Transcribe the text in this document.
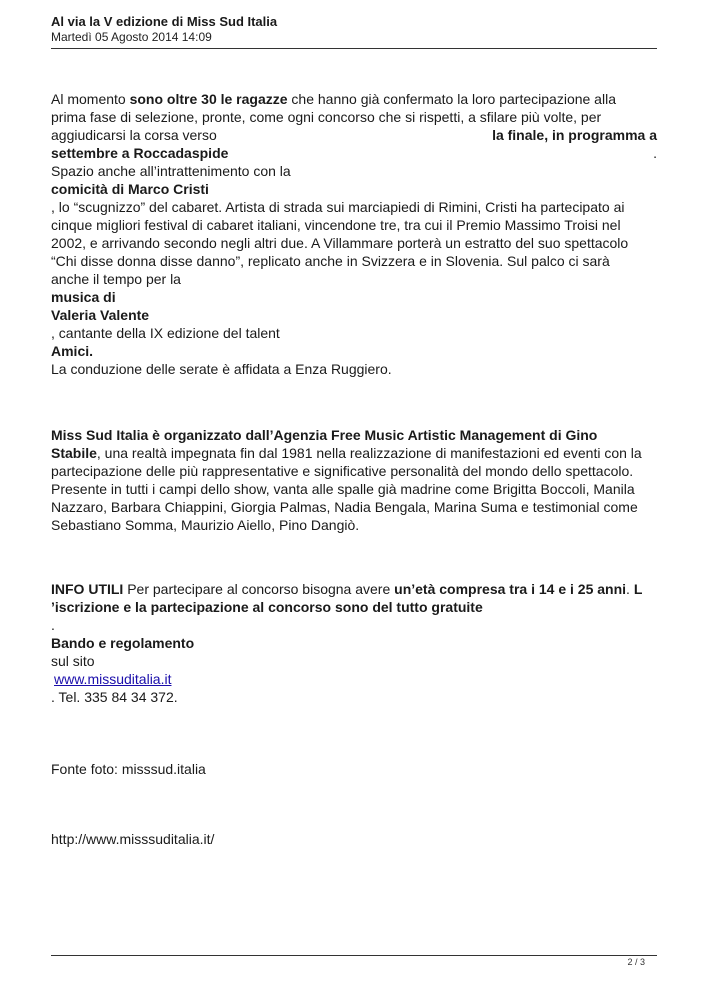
Al via la V edizione di Miss Sud Italia
Martedì 05 Agosto 2014 14:09
Al momento sono oltre 30 le ragazze che hanno già confermato la loro partecipazione alla
prima fase di selezione, pronte, come ogni concorso che si rispetti, a sfilare più volte, per
aggiudicarsi la corsa verso	la finale, in programma a
settembre a Roccadaspide	.
Spazio anche all’intrattenimento con la
comicità di Marco Cristi
, lo “scugnizzo” del cabaret. Artista di strada sui marciapiedi di Rimini, Cristi ha partecipato ai
cinque migliori festival di cabaret italiani, vincendone tre, tra cui il Premio Massimo Troisi nel
2002, e arrivando secondo negli altri due. A Villammare porterà un estratto del suo spettacolo
“Chi disse donna disse danno”, replicato anche in Svizzera e in Slovenia. Sul palco ci sarà
anche il tempo per la
musica di
Valeria Valente
, cantante della IX edizione del talent
Amici.
La conduzione delle serate è affidata a Enza Ruggiero.
Miss Sud Italia è organizzato dall’Agenzia Free Music Artistic Management di Gino
Stabile, una realtà impegnata fin dal 1981 nella realizzazione di manifestazioni ed eventi con la
partecipazione delle più rappresentative e significative personalità del mondo dello spettacolo.
Presente in tutti i campi dello show, vanta alle spalle già madrine come Brigitta Boccoli, Manila
Nazzaro, Barbara Chiappini, Giorgia Palmas, Nadia Bengala, Marina Suma e testimonial come
Sebastiano Somma, Maurizio Aiello, Pino Dangiò.
INFO UTILI Per partecipare al concorso bisogna avere un’età compresa tra i 14 e i 25 anni. L
’iscrizione e la partecipazione al concorso sono del tutto gratuite
.
Bando e regolamento
sul sito
www.missuditalia.it
. Tel. 335 84 34 372.
Fonte foto: misssud.italia
http://www.misssuditalia.it/
2 / 3
